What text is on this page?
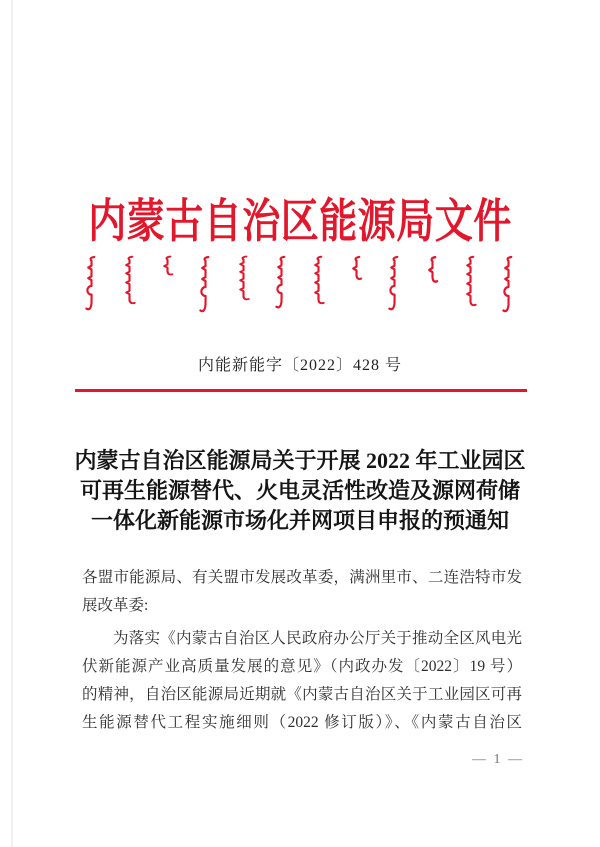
内蒙古自治区能源局文件
内能新能字〔2022〕428 号
内蒙古自治区能源局关于开展 2022 年工业园区
可再生能源替代、火电灵活性改造及源网荷储
一体化新能源市场化并网项目申报的预通知
各盟市能源局、有关盟市发展改革委，满洲里市、二连浩特市发
展改革委:
为落实《内蒙古自治区人民政府办公厅关于推动全区风电光
伏新能源产业高质量发展的意见》（内政办发〔2022〕19 号）
的精神，自治区能源局近期就《内蒙古自治区关于工业园区可再
生能源替代工程实施细则（2022 修订版）》、《内蒙古自治区
— 1 —
